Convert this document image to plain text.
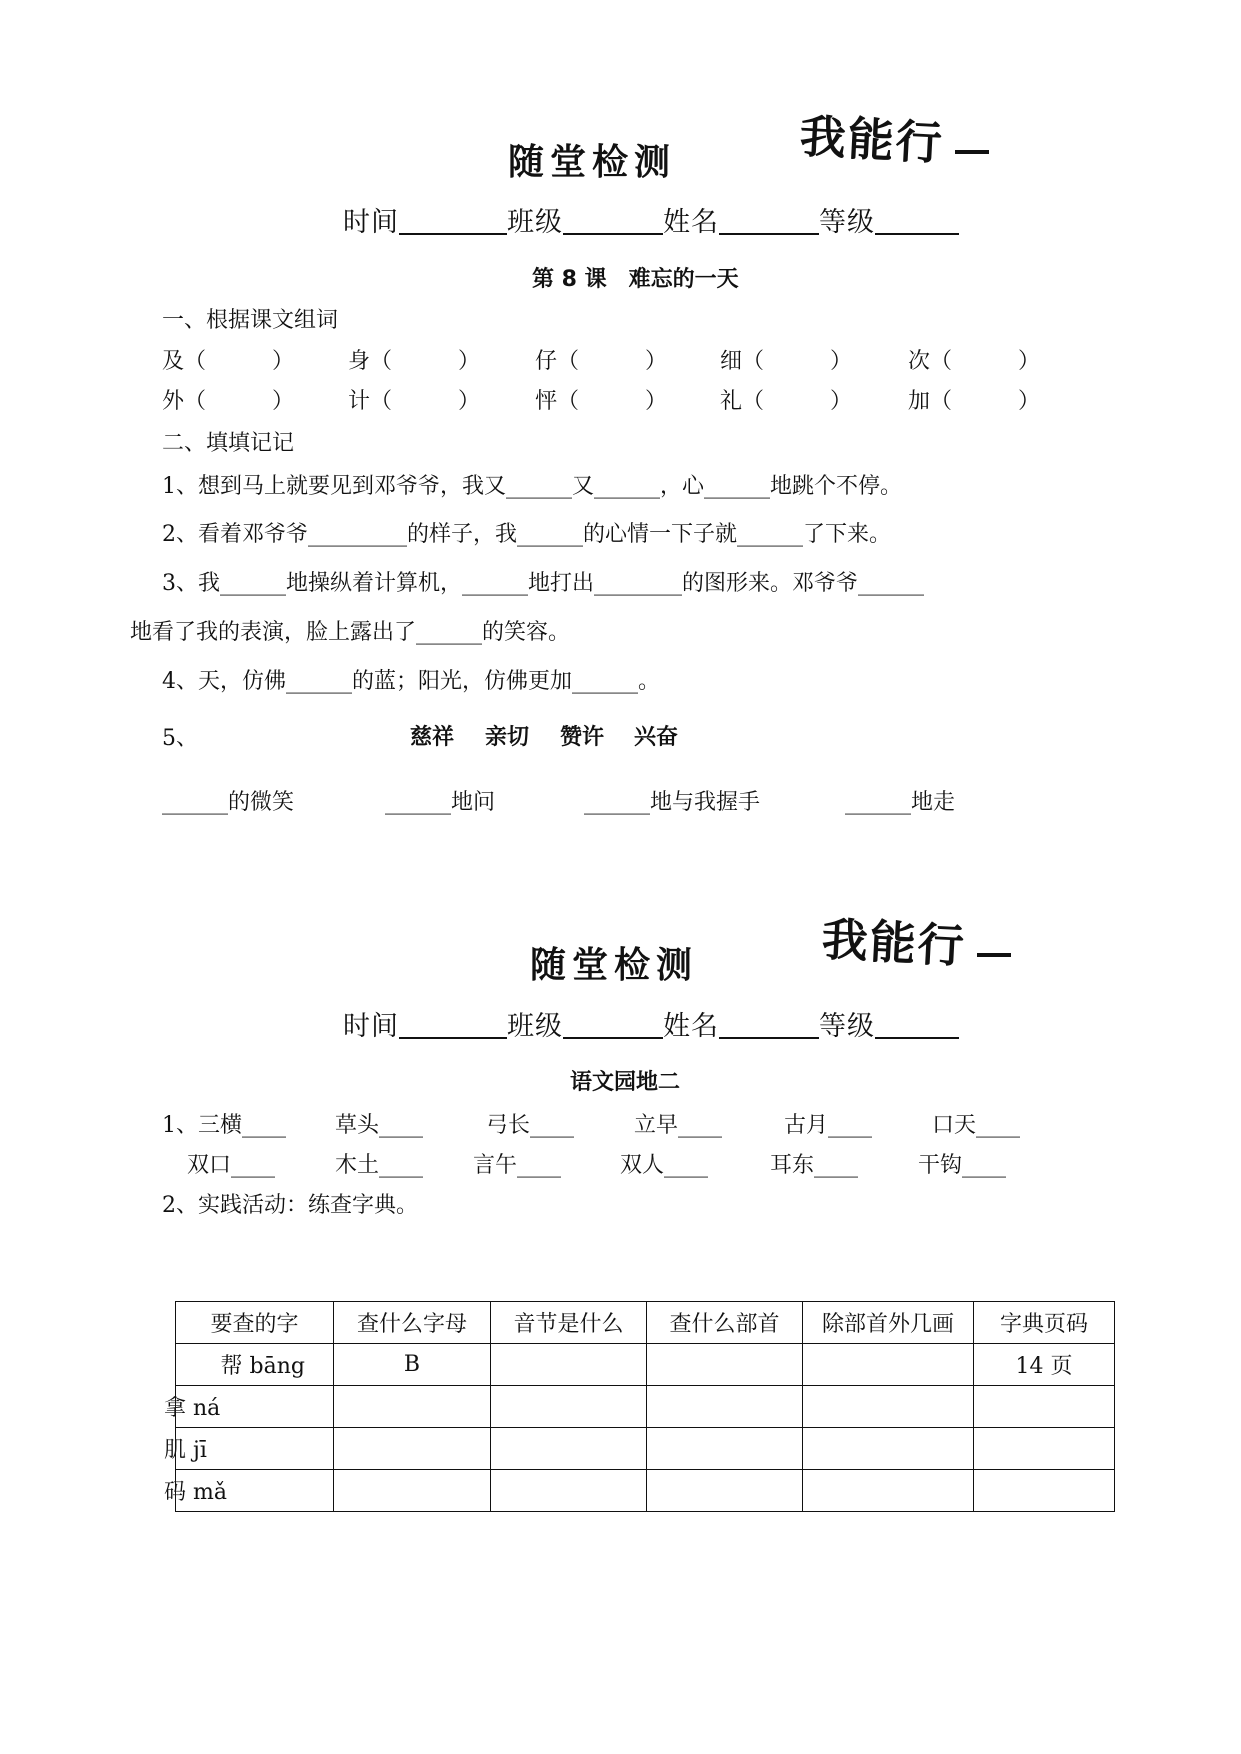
随堂检测	我能行
时间	班级	姓名	等级
第 8 课　难忘的一天
一、根据课文组词
及（　　　） 身（　　　） 仔（　　　） 细（　　　）	次（　　　）
外（　　　） 计（　　　） 怦（　　　） 礼（　　　）	加（　　　）
二、填填记记
1、想到马上就要见到邓爷爷，我又______又______，心______地跳个不停。
2、看着邓爷爷_________的样子，我______的心情一下子就______了下来。
3、我______地操纵着计算机，______地打出________的图形来。邓爷爷______
地看了我的表演，脸上露出了______的笑容。
4、天，仿佛______的蓝；阳光，仿佛更加______。
5、	慈祥 亲切 赞许 兴奋
______的微笑	______地问	______地与我握手	______地走
随堂检测	我能行
时间	班级	姓名	等级
语文园地二
1、三横____ 草头____	弓长____	立早____	古月____	口天____
双口____	木土____ 言午____	双人____	耳东____	干钩____
2、实践活动：练查字典。
要查的字	查什么字母	音节是什么	查什么部首	除部首外几画	字典页码
帮 bāng	B				14 页
拿 ná					
肌 jī					
码 mǎ					
